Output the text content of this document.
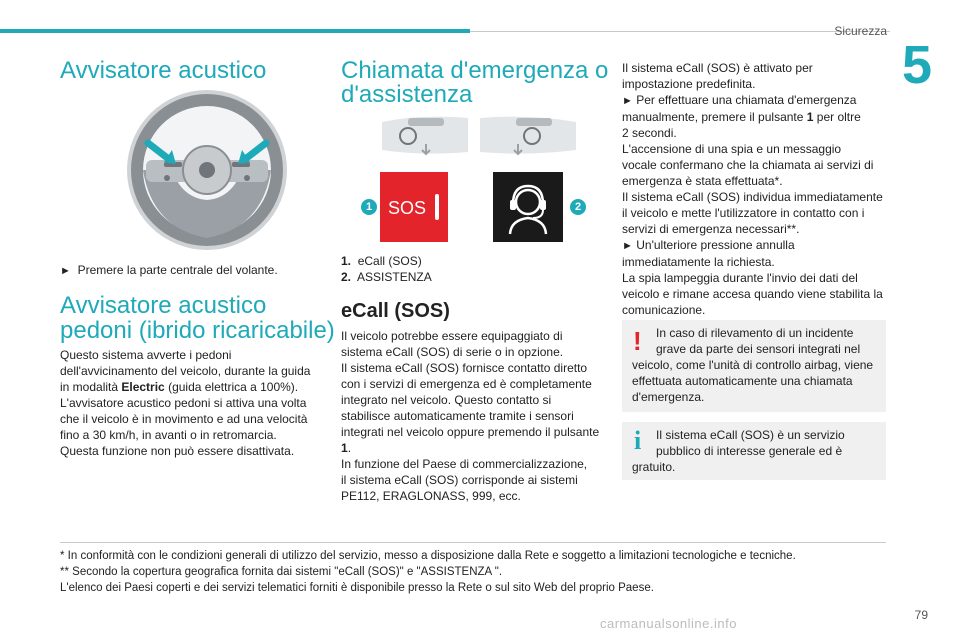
Sicurezza
5
Avvisatore acustico

► Premere la parte centrale del volante.

Avvisatore acustico
pedoni (ibrido ricaricabile)

Questo sistema avverte i pedoni
dell'avvicinamento del veicolo, durante la guida
in modalità Electric (guida elettrica a 100%).
L'avvisatore acustico pedoni si attiva una volta
che il veicolo è in movimento e ad una velocità
fino a 30 km/h, in avanti o in retromarcia.
Questa funzione non può essere disattivata.

Chiamata d'emergenza o
d'assistenza
1 SOS	2
1. eCall (SOS)
2. ASSISTENZA
eCall (SOS)

Il veicolo potrebbe essere equipaggiato di
sistema eCall (SOS) di serie o in opzione.
Il sistema eCall (SOS) fornisce contatto diretto
con i servizi di emergenza ed è completamente
integrato nel veicolo. Questo contatto si
stabilisce automaticamente tramite i sensori
integrati nel veicolo oppure premendo il pulsante
1.
In funzione del Paese di commercializzazione,
il sistema eCall (SOS) corrisponde ai sistemi
PE112, ERAGLONASS, 999, ecc.

Il sistema eCall (SOS) è attivato per
impostazione predefinita.
► Per effettuare una chiamata d'emergenza
manualmente, premere il pulsante 1 per oltre
2 secondi.
L'accensione di una spia e un messaggio
vocale confermano che la chiamata ai servizi di
emergenza è stata effettuata*.
Il sistema eCall (SOS) individua immediatamente
il veicolo e mette l'utilizzatore in contatto con i
servizi di emergenza necessari**.
► Un'ulteriore pressione annulla
immediatamente la richiesta.
La spia lampeggia durante l'invio dei dati del
veicolo e rimane accesa quando viene stabilita la
comunicazione.

! In caso di rilevamento di un incidente
grave da parte dei sensori integrati nel
veicolo, come l'unità di controllo airbag, viene
effettuata automaticamente una chiamata
d'emergenza.
i Il sistema eCall (SOS) è un servizio
pubblico di interesse generale ed è
gratuito.
* In conformità con le condizioni generali di utilizzo del servizio, messo a disposizione dalla Rete e soggetto a limitazioni tecnologiche e tecniche.
** Secondo la copertura geografica fornita dai sistemi "eCall (SOS)" e "ASSISTENZA ".
L'elenco dei Paesi coperti e dei servizi telematici forniti è disponibile presso la Rete o sul sito Web del proprio Paese.
carmanualsonline.info
79
